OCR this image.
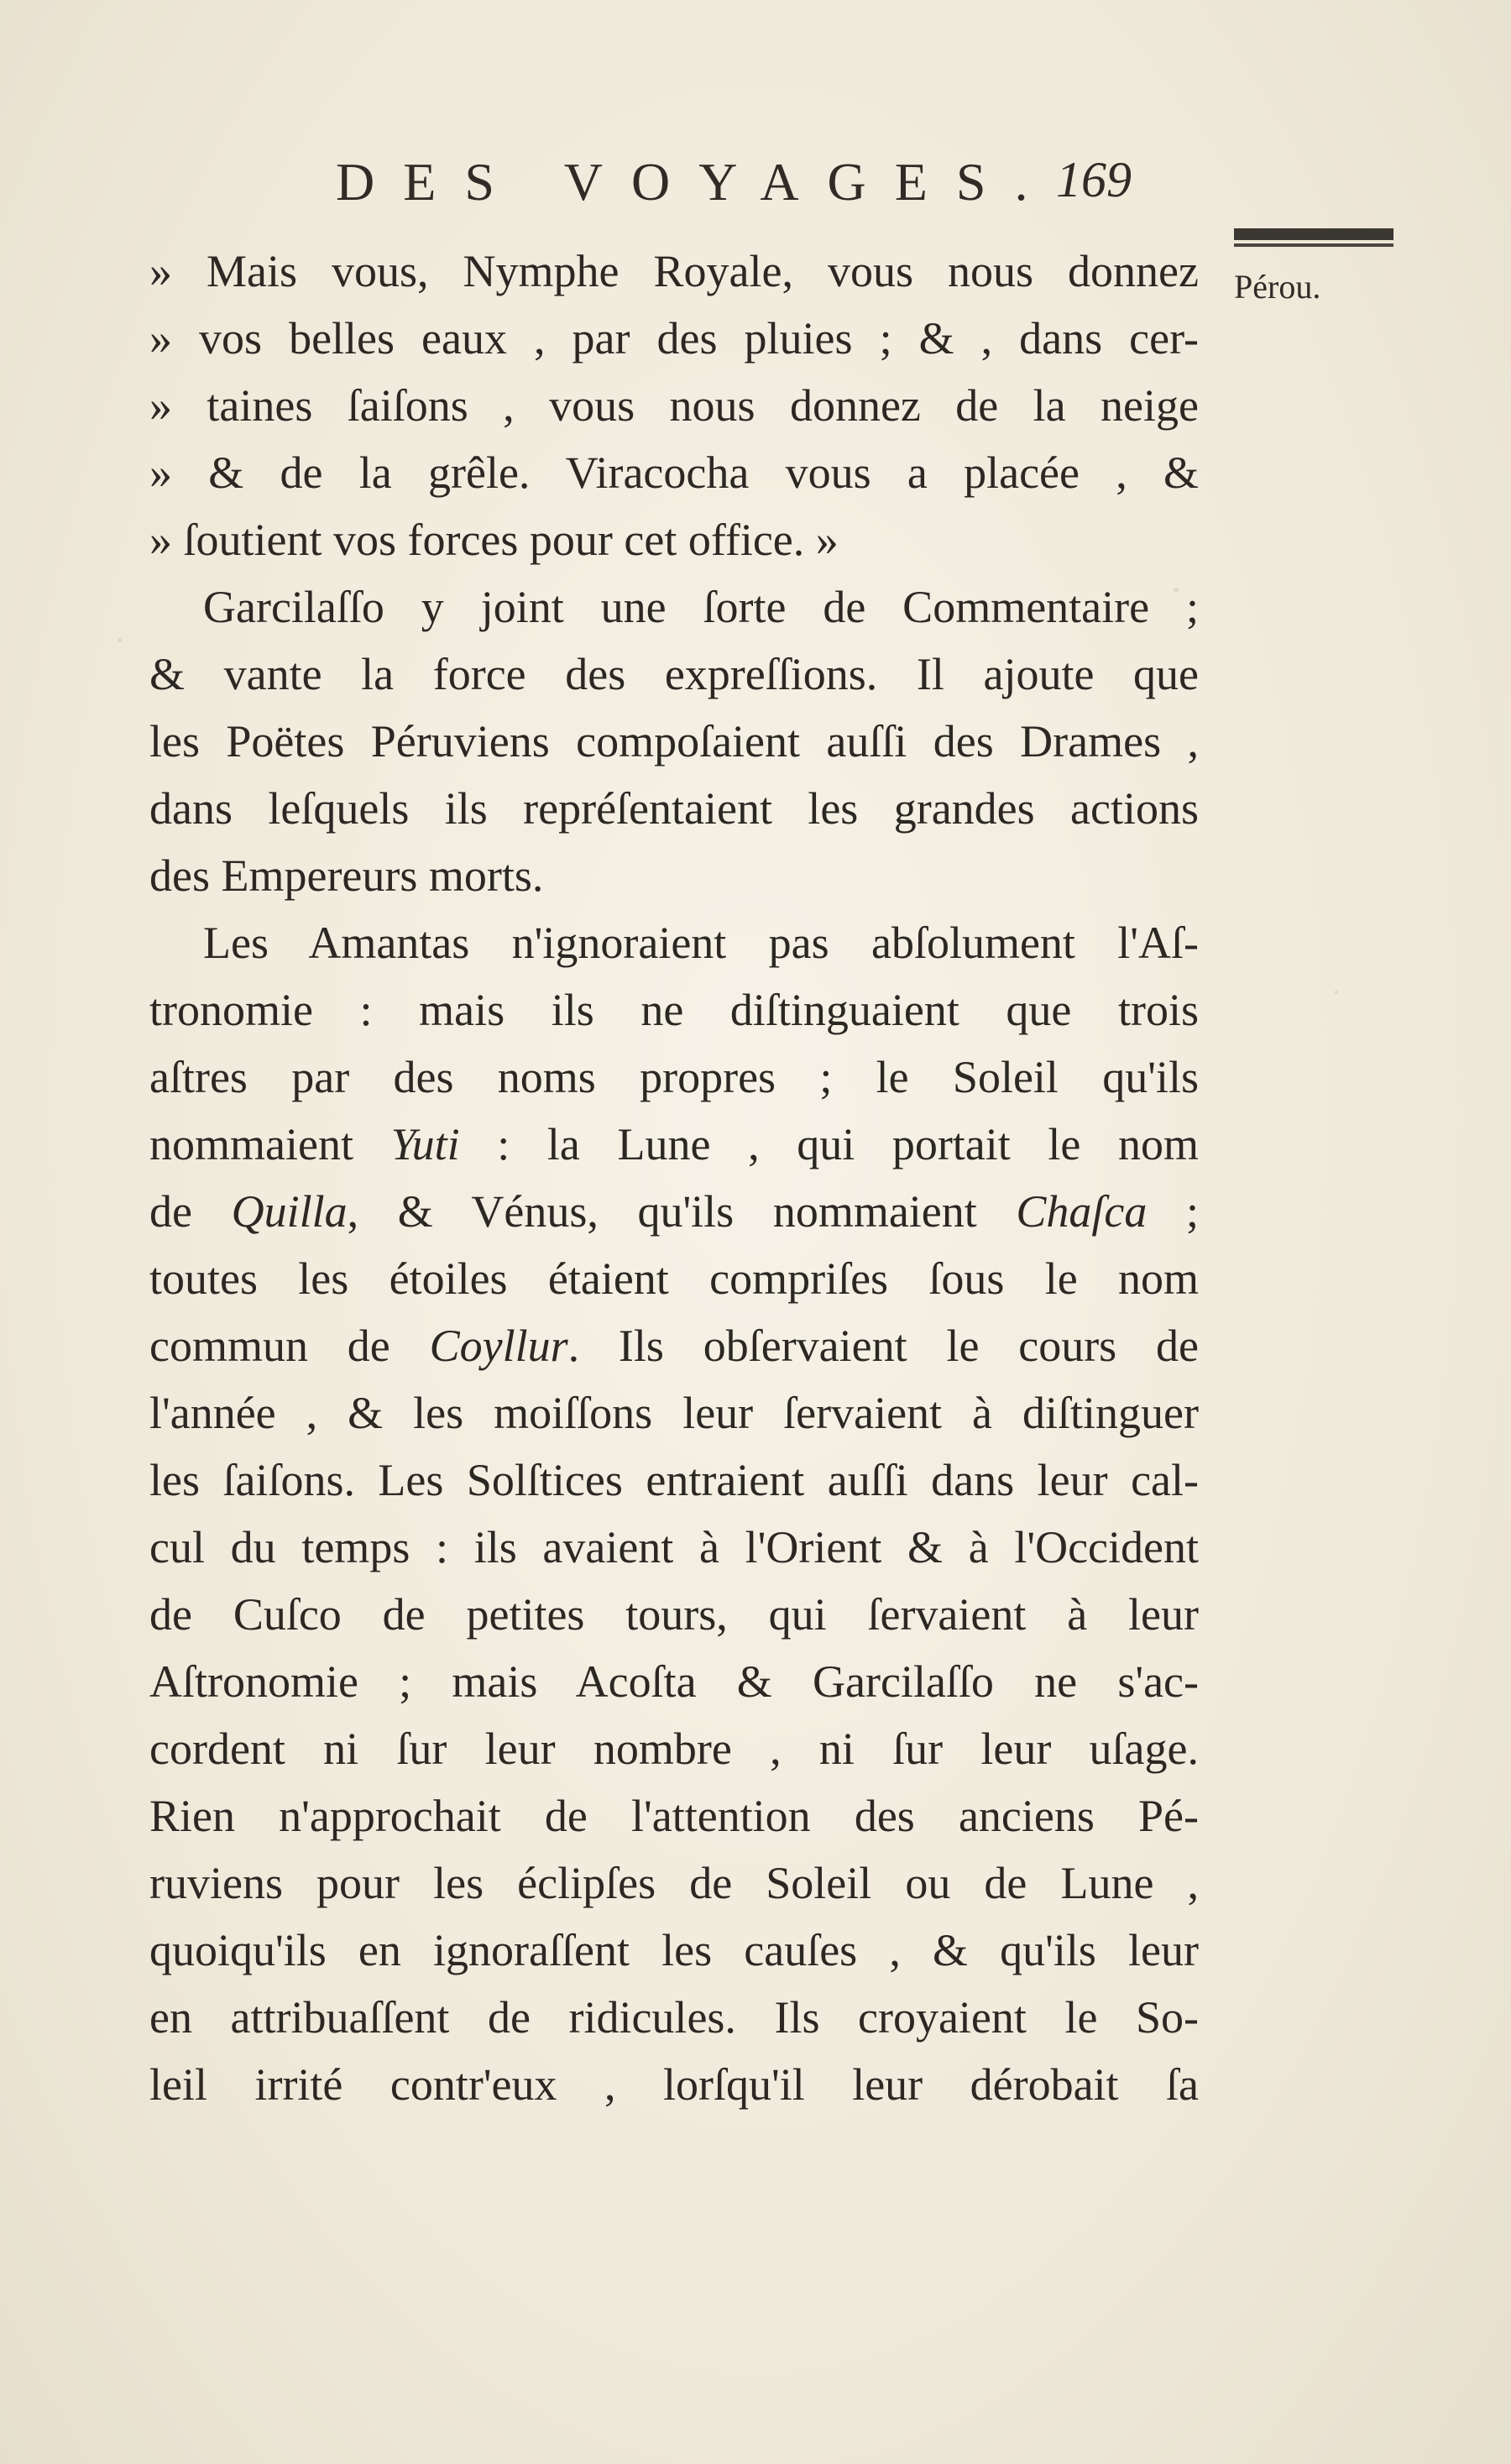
DES VOYAGES. 169
Pérou.
» Mais vous, Nymphe Royale, vous nous donnez
» vos belles eaux , par des pluies ; & , dans cer-
» taines ſaiſons , vous nous donnez de la neige
» & de la grêle. Viracocha vous a placée , &
» ſoutient vos forces pour cet office. »
Garcilaſſo y joint une ſorte de Commentaire ;
& vante la force des expreſſions. Il ajoute que
les Poëtes Péruviens compoſaient auſſi des Drames ,
dans leſquels ils repréſentaient les grandes actions
des Empereurs morts.
Les Amantas n'ignoraient pas abſolument l'Aſ-
tronomie : mais ils ne diſtinguaient que trois
aſtres par des noms propres ; le Soleil qu'ils
nommaient Yuti : la Lune , qui portait le nom
de Quilla, & Vénus, qu'ils nommaient Chaſca ;
toutes les étoiles étaient compriſes ſous le nom
commun de Coyllur. Ils obſervaient le cours de
l'année , & les moiſſons leur ſervaient à diſtinguer
les ſaiſons. Les Solſtices entraient auſſi dans leur cal-
cul du temps : ils avaient à l'Orient & à l'Occident
de Cuſco de petites tours, qui ſervaient à leur
Aſtronomie ; mais Acoſta & Garcilaſſo ne s'ac-
cordent ni ſur leur nombre , ni ſur leur uſage.
Rien n'approchait de l'attention des anciens Pé-
ruviens pour les éclipſes de Soleil ou de Lune ,
quoiqu'ils en ignoraſſent les cauſes , & qu'ils leur
en attribuaſſent de ridicules. Ils croyaient le So-
leil irrité contr'eux , lorſqu'il leur dérobait ſa
